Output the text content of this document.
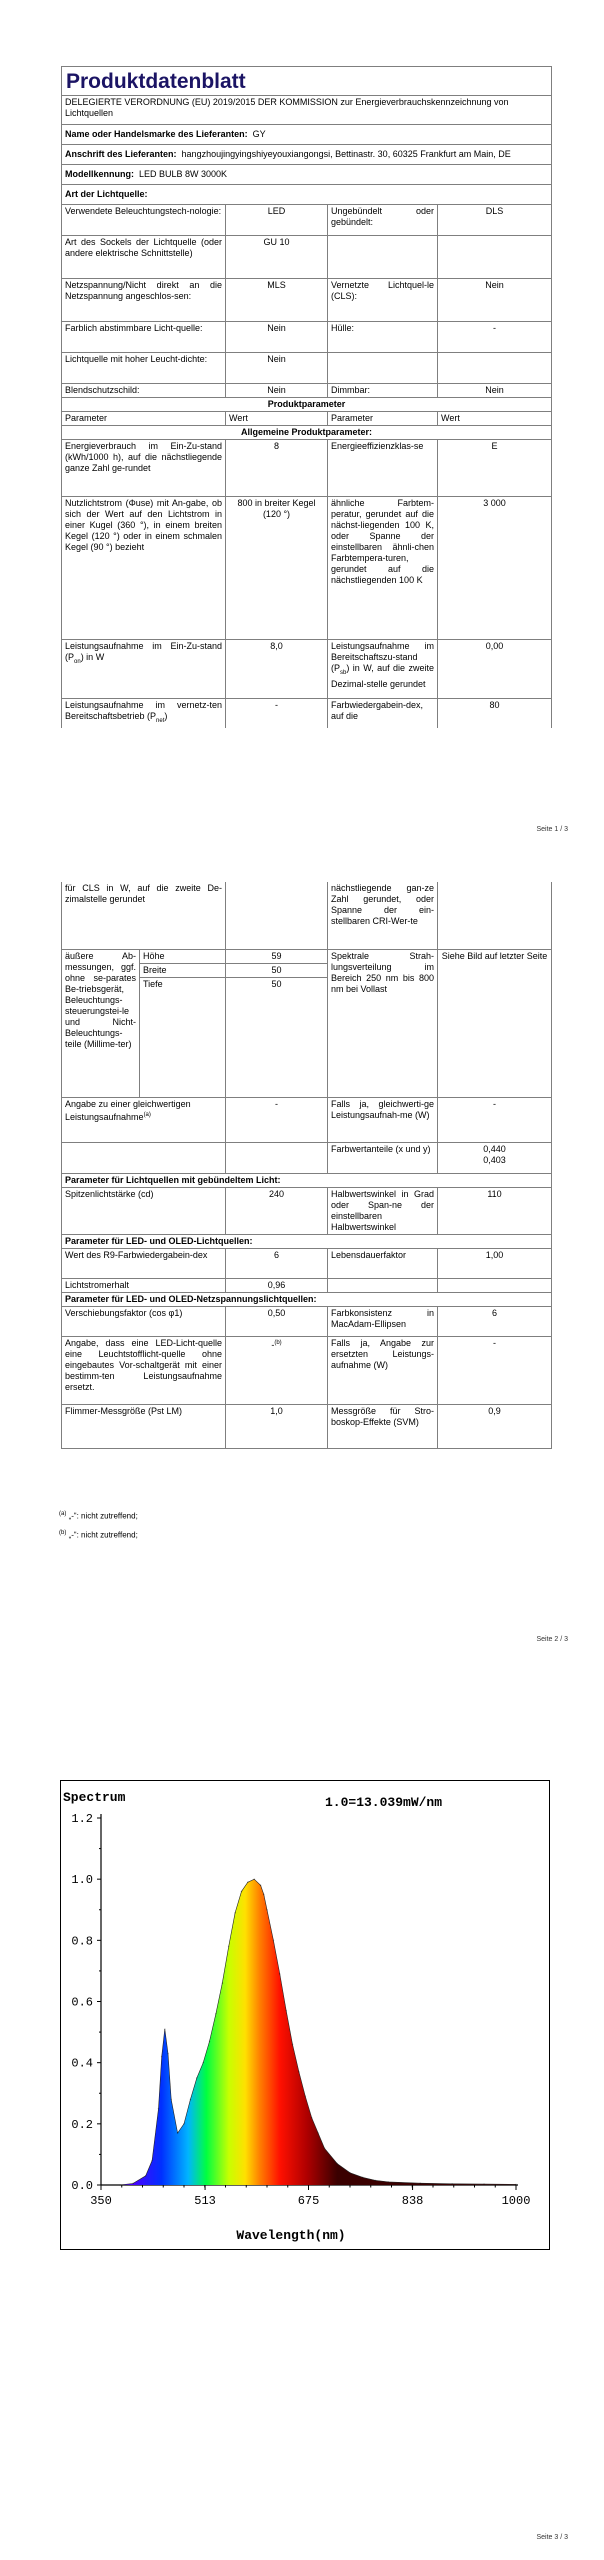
Produktdatenblatt			
DELEGIERTE VERORDNUNG (EU) 2019/2015 DER KOMMISSION zur Energieverbrauchskennzeichnung von Lichtquellen			
Name oder Handelsmarke des Lieferanten: GY			
Anschrift des Lieferanten: hangzhoujingyingshiyeyouxiangongsi, Bettinastr. 30, 60325 Frankfurt am Main, DE			
Modellkennung: LED BULB 8W 3000K			
Art der Lichtquelle:			
Verwendete Beleuchtungstech-nologie:	LED	Ungebündelt oder gebündelt:	DLS
Art des Sockels der Lichtquelle (oder andere elektrische Schnittstelle)	GU 10		
Netzspannung/Nicht direkt an die Netzspannung angeschlos-sen:	MLS	Vernetzte Lichtquel-le (CLS):	Nein
Farblich abstimmbare Licht-quelle:	Nein	Hülle:	-
Lichtquelle mit hoher Leucht-dichte:	Nein		
Blendschutzschild:	Nein	Dimmbar:	Nein
Produktparameter			
Parameter	Wert	Parameter	Wert
Allgemeine Produktparameter:			
Energieverbrauch im Ein-Zu-stand (kWh/1000 h), auf die nächstliegende ganze Zahl ge-rundet	8	Energieeffizienzklas-se	E
Nutzlichtstrom (Φuse) mit An-gabe, ob sich der Wert auf den Lichtstrom in einer Kugel (360 °), in einem breiten Kegel (120 °) oder in einem schmalen Kegel (90 °) bezieht	800 in breiter Kegel (120 °)	ähnliche Farbtem-peratur, gerundet auf die nächst-liegenden 100 K, oder Spanne der einstellbaren ähnli-chen Farbtempera-turen, gerundet auf die nächstliegenden 100 K	3 000
Leistungsaufnahme im Ein-Zu-stand $(P_{on})$ in W	8,0	Leistungsaufnahme im Bereitschaftszu-stand $(P_{sb})$ in W, auf die zweite Dezimal-stelle gerundet	0,00
Leistungsaufnahme im vernetz-ten Bereitschaftsbetrieb $(P_{net})$	-	Farbwiedergabein-dex, auf die	80
Seite 1 / 3
für CLS in W, auf die zweite De-zimalstelle gerundet			nächstliegende gan-ze Zahl gerundet, oder Spanne der ein-stellbaren CRI-Wer-te	
äußere Ab-messungen, ggf. ohne se-parates Be-triebsgerät, Beleuchtungs-steuerungstei-le und Nicht-Beleuchtungs-teile (Millime-ter)	Höhe	59	Spektrale Strah-lungsverteilung im Bereich 250 nm bis 800 nm bei Vollast	Siehe Bild auf letzter Seite
	Breite	50		
	Tiefe	50		
Angabe zu einer gleichwertigen Leistungsaufnahme$^{(a)}$		-	Falls ja, gleichwerti-ge Leistungsaufnah-me (W)	-
			Farbwertanteile (x und y)	0,440
0,403
Parameter für Lichtquellen mit gebündeltem Licht:				
Spitzenlichtstärke (cd)		240	Halbwertswinkel in Grad oder Span-ne der einstellbaren Halbwertswinkel	110
Parameter für LED- und OLED-Lichtquellen:				
Wert des R9-Farbwiedergabein-dex		6	Lebensdauerfaktor	1,00
Lichtstromerhalt		0,96		
Parameter für LED- und OLED-Netzspannungslichtquellen:				
Verschiebungsfaktor (cos φ1)		0,50	Farbkonsistenz in MacAdam-Ellipsen	6
Angabe, dass eine LED-Licht-quelle eine Leuchtstofflicht-quelle ohne eingebautes Vor-schaltgerät mit einer bestimm-ten Leistungsaufnahme ersetzt.		-$^{(b)}$	Falls ja, Angabe zur ersetzten Leistungs-aufnahme (W)	-
Flimmer-Messgröße (Pst LM)		1,0	Messgröße für Stro-boskop-Effekte (SVM)	0,9
$^{(a)}$ „-“: nicht zutreffend;
$^{(b)}$ „-“: nicht zutreffend;
Seite 2 / 3
Spectrum	1.0=13.039mW/nm
Wavelength(nm)
0.0
0.2
0.4
0.6
0.8
1.0
1.2
350	513	675	838	1000
Seite 3 / 3
